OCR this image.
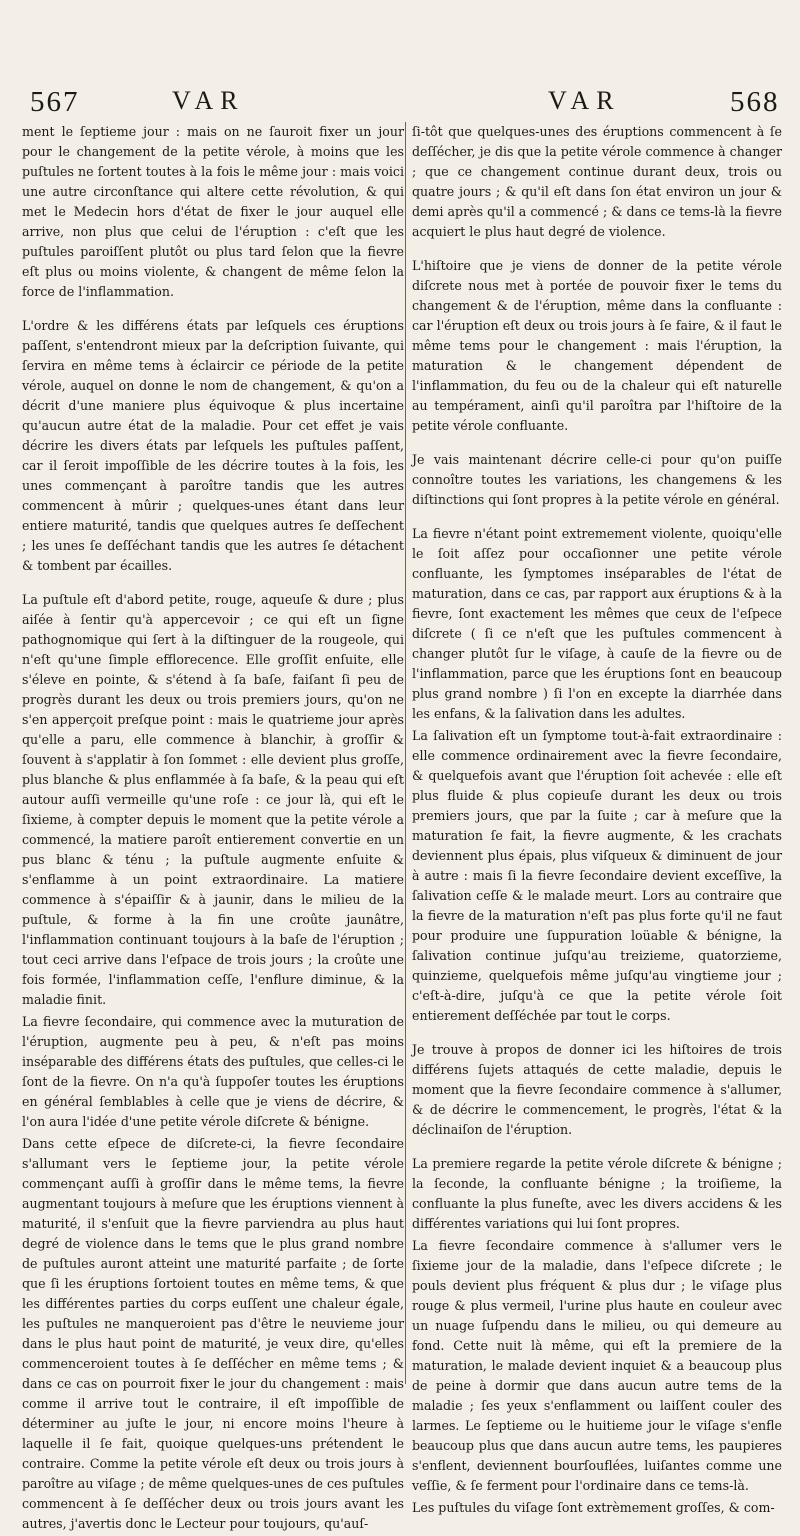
567	VAR	VAR	568

ment le ſeptieme jour : mais on ne ſauroit fixer un jour pour le changement de la petite vérole, à moins que les puſtules ne ſortent toutes à la fois le même jour : mais voici une autre circonſtance qui altere cette révolution, & qui met le Medecin hors d'état de fixer le jour auquel elle arrive, non plus que celui de l'éruption : c'eſt que les puſtules paroiſſent plutôt ou plus tard ſelon que la fievre eſt plus ou moins violente, & changent de même ſelon la force de l'inflammation.

L'ordre & les différens états par leſquels ces éruptions paſſent, s'entendront mieux par la deſcription ſuivante, qui ſervira en même tems à éclaircir ce période de la petite vérole, auquel on donne le nom de changement, & qu'on a décrit d'une maniere plus équivoque & plus incertaine qu'aucun autre état de la maladie. Pour cet effet je vais décrire les divers états par leſquels les puſtules paſſent, car il ſeroit impoſſible de les décrire toutes à la fois, les unes commençant à paroître tandis que les autres commencent à mûrir ; quelques-unes étant dans leur entiere maturité, tandis que quelques autres ſe deſſechent ; les unes ſe deſſéchant tandis que les autres ſe détachent & tombent par écailles.

La puſtule eſt d'abord petite, rouge, aqueuſe & dure ; plus aiſée à ſentir qu'à appercevoir ; ce qui eſt un ſigne pathognomique qui ſert à la diſtinguer de la rougeole, qui n'eſt qu'une ſimple efflorecence. Elle groſſit enſuite, elle s'éleve en pointe, & s'étend à ſa baſe, faiſant ſi peu de progrès durant les deux ou trois premiers jours, qu'on ne s'en apperçoit preſque point : mais le quatrieme jour après qu'elle a paru, elle commence à blanchir, à groſſir & ſouvent à s'applatir à ſon ſommet : elle devient plus groſſe, plus blanche & plus enflammée à ſa baſe, & la peau qui eſt autour auſſi vermeille qu'une roſe : ce jour là, qui eſt le ſixieme, à compter depuis le moment que la petite vérole a commencé, la matiere paroît entierement convertie en un pus blanc & ténu ; la puſtule augmente enſuite & s'enflamme à un point extraordinaire. La matiere commence à s'épaiſſir & à jaunir, dans le milieu de la puſtule, & forme à la fin une croûte jaunâtre, l'inflammation continuant toujours à la baſe de l'éruption ; tout ceci arrive dans l'eſpace de trois jours ; la croûte une fois formée, l'inflammation ceſſe, l'enflure diminue, & la maladie finit.

La fievre ſecondaire, qui commence avec la muturation de l'éruption, augmente peu à peu, & n'eſt pas moins inséparable des différens états des puſtules, que celles-ci le ſont de la fievre. On n'a qu'à ſuppoſer toutes les éruptions en général ſemblables à celle que je viens de décrire, & l'on aura l'idée d'une petite vérole diſcrete & bénigne.

Dans cette eſpece de diſcrete-ci, la fievre ſecondaire s'allumant vers le ſeptieme jour, la petite vérole commençant auſſi à groſſir dans le même tems, la fievre augmentant toujours à meſure que les éruptions viennent à maturité, il s'enſuit que la fievre parviendra au plus haut degré de violence dans le tems que le plus grand nombre de puſtules auront atteint une maturité parfaite ; de ſorte que ſi les éruptions ſortoient toutes en même tems, & que les différentes parties du corps euſſent une chaleur égale, les puſtules ne manqueroient pas d'être le neuvieme jour dans le plus haut point de maturité, je veux dire, qu'elles commenceroient toutes à ſe deſſécher en même tems ; & dans ce cas on pourroit fixer le jour du changement : mais comme il arrive tout le contraire, il eſt impoſſible de déterminer au juſte le jour, ni encore moins l'heure à laquelle il ſe fait, quoique quelques-uns prétendent le contraire. Comme la petite vérole eſt deux ou trois jours à paroître au viſage ; de même quelques-unes de ces puſtules commencent à ſe deſſécher deux ou trois jours avant les autres, j'avertis donc le Lecteur pour toujours, qu'auſ-

ſi-tôt que quelques-unes des éruptions commencent à ſe deſſécher, je dis que la petite vérole commence à changer ; que ce changement continue durant deux, trois ou quatre jours ; & qu'il eſt dans ſon état environ un jour & demi après qu'il a commencé ; & dans ce tems-là la fievre acquiert le plus haut degré de violence.

L'hiſtoire que je viens de donner de la petite vérole diſcrete nous met à portée de pouvoir fixer le tems du changement & de l'éruption, même dans la confluante : car l'éruption eſt deux ou trois jours à ſe faire, & il faut le même tems pour le changement : mais l'éruption, la maturation & le changement dépendent de l'inflammation, du feu ou de la chaleur qui eſt naturelle au tempérament, ainſi qu'il paroîtra par l'hiſtoire de la petite vérole confluante.

Je vais maintenant décrire celle-ci pour qu'on puiſſe connoître toutes les variations, les changemens & les diſtinctions qui ſont propres à la petite vérole en général.

La fievre n'étant point extremement violente, quoiqu'elle le ſoit aſſez pour occaſionner une petite vérole confluante, les ſymptomes inséparables de l'état de maturation, dans ce cas, par rapport aux éruptions & à la fievre, ſont exactement les mêmes que ceux de l'eſpece diſcrete ( ſi ce n'eſt que les puſtules commencent à changer plutôt ſur le viſage, à cauſe de la fievre ou de l'inflammation, parce que les éruptions ſont en beaucoup plus grand nombre ) ſi l'on en excepte la diarrhée dans les enfans, & la ſalivation dans les adultes.

La ſalivation eſt un ſymptome tout-à-fait extraordinaire : elle commence ordinairement avec la fievre ſecondaire, & quelquefois avant que l'éruption ſoit achevée : elle eſt plus fluide & plus copieuſe durant les deux ou trois premiers jours, que par la ſuite ; car à meſure que la maturation ſe fait, la fievre augmente, & les crachats deviennent plus épais, plus viſqueux & diminuent de jour à autre : mais ſi la fievre ſecondaire devient exceſſive, la ſalivation ceſſe & le malade meurt. Lors au contraire que la fievre de la maturation n'eſt pas plus forte qu'il ne faut pour produire une ſuppuration loüable & bénigne, la ſalivation continue juſqu'au treizieme, quatorzieme, quinzieme, quelquefois même juſqu'au vingtieme jour ; c'eſt-à-dire, juſqu'à ce que la petite vérole ſoit entierement deſſéchée par tout le corps.

Je trouve à propos de donner ici les hiſtoires de trois différens ſujets attaqués de cette maladie, depuis le moment que la fievre ſecondaire commence à s'allumer, & de décrire le commencement, le progrès, l'état & la déclinaiſon de l'éruption.

La premiere regarde la petite vérole diſcrete & bénigne ; la ſeconde, la confluante bénigne ; la troiſieme, la confluante la plus funeſte, avec les divers accidens & les différentes variations qui lui ſont propres.

La fievre ſecondaire commence à s'allumer vers le ſixieme jour de la maladie, dans l'eſpece diſcrete ; le pouls devient plus fréquent & plus dur ; le viſage plus rouge & plus vermeil, l'urine plus haute en couleur avec un nuage ſuſpendu dans le milieu, ou qui demeure au fond. Cette nuit là même, qui eſt la premiere de la maturation, le malade devient inquiet & a beaucoup plus de peine à dormir que dans aucun autre tems de la maladie ; ſes yeux s'enflamment ou laiſſent couler des larmes. Le ſeptieme ou le huitieme jour le viſage s'enfle beaucoup plus que dans aucun autre tems, les paupieres s'enflent, deviennent bourſouflées, luiſantes comme une veſſie, & ſe ferment pour l'ordinaire dans ce tems-là.

Les puſtules du viſage ſont extrèmement groſſes, & com-
